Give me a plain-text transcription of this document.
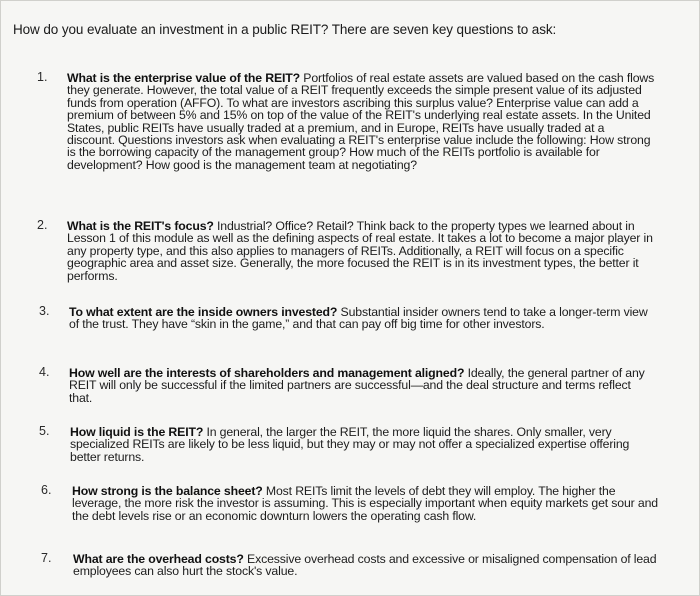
How do you evaluate an investment in a public REIT? There are seven key questions to ask:
1. What is the enterprise value of the REIT? Portfolios of real estate assets are valued based on the cash flows they generate. However, the total value of a REIT frequently exceeds the simple present value of its adjusted funds from operation (AFFO). To what are investors ascribing this surplus value? Enterprise value can add a premium of between 5% and 15% on top of the value of the REIT's underlying real estate assets. In the United States, public REITs have usually traded at a premium, and in Europe, REITs have usually traded at a discount. Questions investors ask when evaluating a REIT's enterprise value include the following: How strong is the borrowing capacity of the management group? How much of the REITs portfolio is available for development? How good is the management team at negotiating?
2. What is the REIT's focus? Industrial? Office? Retail? Think back to the property types we learned about in Lesson 1 of this module as well as the defining aspects of real estate. It takes a lot to become a major player in any property type, and this also applies to managers of REITs. Additionally, a REIT will focus on a specific geographic area and asset size. Generally, the more focused the REIT is in its investment types, the better it performs.
3. To what extent are the inside owners invested? Substantial insider owners tend to take a longer-term view of the trust. They have “skin in the game,” and that can pay off big time for other investors.
4. How well are the interests of shareholders and management aligned? Ideally, the general partner of any REIT will only be successful if the limited partners are successful—and the deal structure and terms reflect that.
5. How liquid is the REIT? In general, the larger the REIT, the more liquid the shares. Only smaller, very specialized REITs are likely to be less liquid, but they may or may not offer a specialized expertise offering better returns.
6. How strong is the balance sheet? Most REITs limit the levels of debt they will employ. The higher the leverage, the more risk the investor is assuming. This is especially important when equity markets get sour and the debt levels rise or an economic downturn lowers the operating cash flow.
7. What are the overhead costs? Excessive overhead costs and excessive or misaligned compensation of lead employees can also hurt the stock's value.
